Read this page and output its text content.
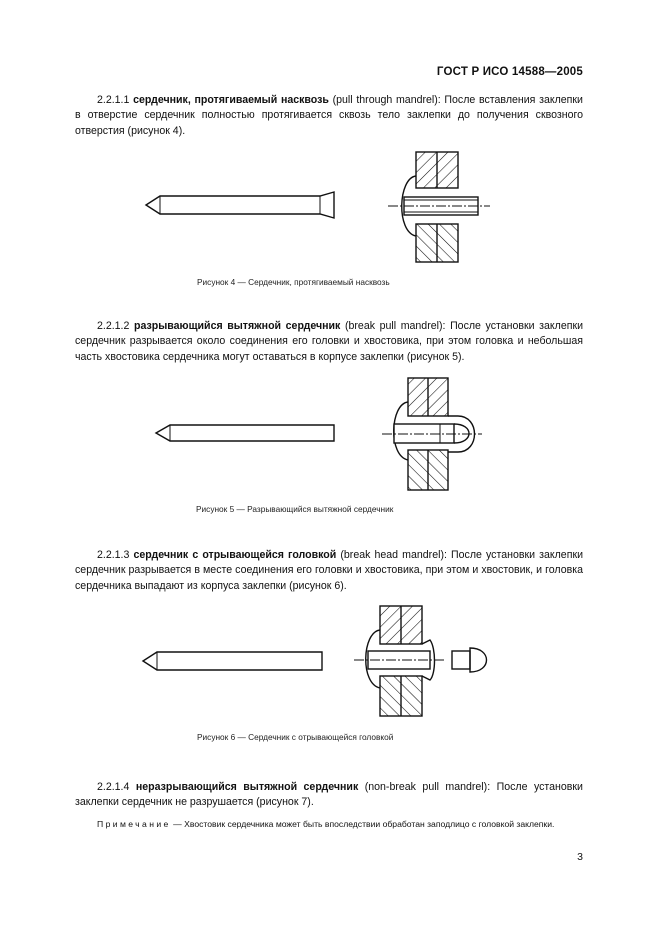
ГОСТ Р ИСО 14588—2005
2.2.1.1 сердечник, протягиваемый насквозь (pull through mandrel): После вставления заклепки в отверстие сердечник полностью протягивается сквозь тело заклепки до получения сквозного отверстия (рисунок 4).
Рисунок 4 — Сердечник, протягиваемый насквозь
2.2.1.2 разрывающийся вытяжной сердечник (break pull mandrel): После установки заклепки сердечник разрывается около соединения его головки и хвостовика, при этом головка и небольшая часть хвостовика сердечника могут оставаться в корпусе заклепки (рисунок 5).
Рисунок 5 — Разрывающийся вытяжной сердечник
2.2.1.3 сердечник с отрывающейся головкой (break head mandrel): После установки заклепки сердечник разрывается в месте соединения его головки и хвостовика, при этом и хвостовик, и головка сердечника выпадают из корпуса заклепки (рисунок 6).
Рисунок 6 — Сердечник с отрывающейся головкой
2.2.1.4 неразрывающийся вытяжной сердечник (non-break pull mandrel): После установки заклепки сердечник не разрушается (рисунок 7).
Примечание — Хвостовик сердечника может быть впоследствии обработан заподлицо с головкой заклепки.
3
